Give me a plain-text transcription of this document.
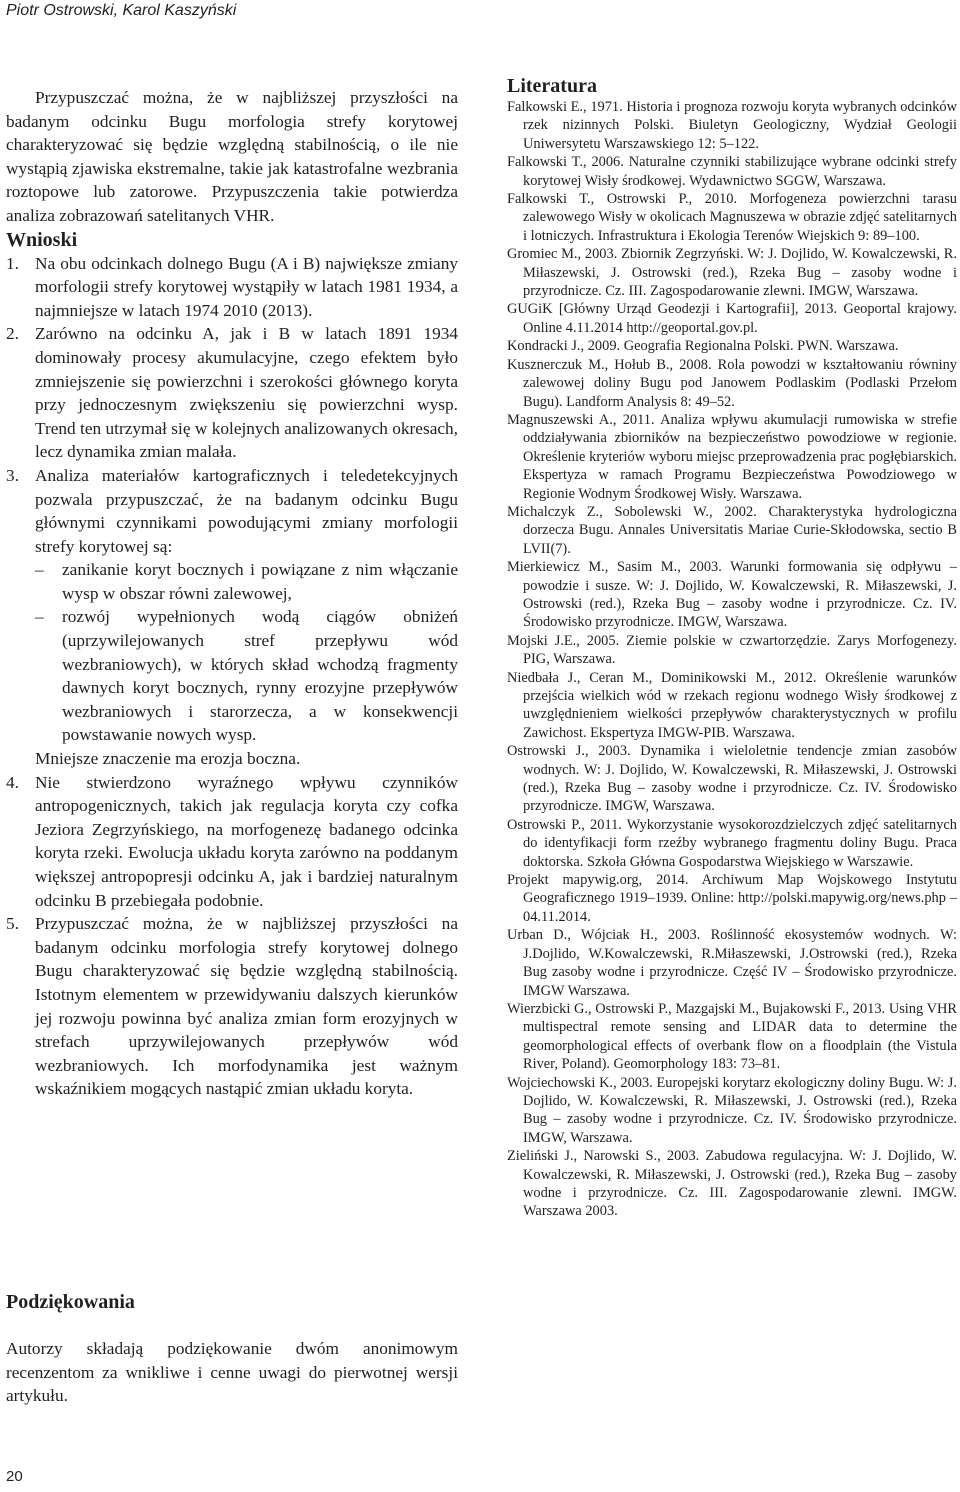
Piotr Ostrowski, Karol Kaszyński

Przypuszczać można, że w najbliższej przyszłości na badanym odcinku Bugu morfologia strefy korytowej charakteryzować się będzie względną stabilnością, o ile nie wystąpią zjawiska ekstremalne, takie jak katastrofalne wezbrania roztopowe lub zatorowe. Przypuszczenia takie potwierdza analiza zobrazowań satelitanych VHR.

Wnioski
1. Na obu odcinkach dolnego Bugu (A i B) największe zmiany morfologii strefy korytowej wystąpiły w latach 1981 1934, a najmniejsze w latach 1974 2010 (2013).
2. Zarówno na odcinku A, jak i B w latach 1891 1934 dominowały procesy akumulacyjne, czego efektem było zmniejszenie się powierzchni i szerokości głównego koryta przy jednoczesnym zwiększeniu się powierzchni wysp. Trend ten utrzymał się w kolejnych analizowanych okresach, lecz dynamika zmian malała.
3. Analiza materiałów kartograficznych i teledetekcyjnych pozwala przypuszczać, że na badanym odcinku Bugu głównymi czynnikami powodującymi zmiany morfologii strefy korytowej są:
–	zanikanie koryt bocznych i powiązane z nim włączanie wysp w obszar równi zalewowej,
–	rozwój wypełnionych wodą ciągów obniżeń (uprzywilejowanych stref przepływu wód wezbraniowych), w których skład wchodzą fragmenty dawnych koryt bocznych, rynny erozyjne przepływów wezbraniowych i starorzecza, a w konsekwencji powstawanie nowych wysp.

Mniejsze znaczenie ma erozja boczna.

4. Nie stwierdzono wyraźnego wpływu czynników antropogenicznych, takich jak regulacja koryta czy cofka Jeziora Zegrzyńskiego, na morfogenezę badanego odcinka koryta rzeki. Ewolucja układu koryta zarówno na poddanym większej antropopresji odcinku A, jak i bardziej naturalnym odcinku B przebiegała podobnie.
5. Przypuszczać można, że w najbliższej przyszłości na badanym odcinku morfologia strefy korytowej dolnego Bugu charakteryzować się będzie względną stabilnością. Istotnym elementem w przewidywaniu dalszych kierunków jej rozwoju powinna być analiza zmian form erozyjnych w strefach uprzywilejowanych przepływów wód wezbraniowych. Ich morfodynamika jest ważnym wskaźnikiem mogących nastąpić zmian układu koryta.
Podziękowania

Autorzy składają podziękowanie dwóm anonimowym recenzentom za wnikliwe i cenne uwagi do pierwotnej wersji artykułu.

Literatura

Falkowski E., 1971. Historia i prognoza rozwoju koryta wybranych odcinków rzek nizinnych Polski. Biuletyn Geologiczny, Wydział Geologii Uniwersytetu Warszawskiego 12: 5–122.

Falkowski T., 2006. Naturalne czynniki stabilizujące wybrane odcinki strefy korytowej Wisły środkowej. Wydawnictwo SGGW, Warszawa.

Falkowski T., Ostrowski P., 2010. Morfogeneza powierzchni tarasu zalewowego Wisły w okolicach Magnuszewa w obrazie zdjęć satelitarnych i lotniczych. Infrastruktura i Ekologia Terenów Wiejskich 9: 89–100.

Gromiec M., 2003. Zbiornik Zegrzyński. W: J. Dojlido, W. Kowalczewski, R. Miłaszewski, J. Ostrowski (red.), Rzeka Bug – zasoby wodne i przyrodnicze. Cz. III. Zagospodarowanie zlewni. IMGW, Warszawa.

GUGiK [Główny Urząd Geodezji i Kartografii], 2013. Geoportal krajowy. Online 4.11.2014 http://geoportal.gov.pl.

Kondracki J., 2009. Geografia Regionalna Polski. PWN. Warszawa.

Kusznerczuk M., Hołub B., 2008. Rola powodzi w kształtowaniu równiny zalewowej doliny Bugu pod Janowem Podlaskim (Podlaski Przełom Bugu). Landform Analysis 8: 49–52.

Magnuszewski A., 2011. Analiza wpływu akumulacji rumowiska w strefie oddziaływania zbiorników na bezpieczeństwo powodziowe w regionie. Określenie kryteriów wyboru miejsc przeprowadzenia prac pogłębiarskich. Ekspertyza w ramach Programu Bezpieczeństwa Powodziowego w Regionie Wodnym Środkowej Wisły. Warszawa.

Michalczyk Z., Sobolewski W., 2002. Charakterystyka hydrologiczna dorzecza Bugu. Annales Universitatis Mariae Curie-Skłodowska, sectio B LVII(7).

Mierkiewicz M., Sasim M., 2003. Warunki formowania się odpływu – powodzie i susze. W: J. Dojlido, W. Kowalczewski, R. Miłaszewski, J. Ostrowski (red.), Rzeka Bug – zasoby wodne i przyrodnicze. Cz. IV. Środowisko przyrodnicze. IMGW, Warszawa.

Mojski J.E., 2005. Ziemie polskie w czwartorzędzie. Zarys Morfogenezy. PIG, Warszawa.

Niedbała J., Ceran M., Dominikowski M., 2012. Określenie warunków przejścia wielkich wód w rzekach regionu wodnego Wisły środkowej z uwzględnieniem wielkości przepływów charakterystycznych w profilu Zawichost. Ekspertyza IMGW-PIB. Warszawa.

Ostrowski J., 2003. Dynamika i wieloletnie tendencje zmian zasobów wodnych. W: J. Dojlido, W. Kowalczewski, R. Miłaszewski, J. Ostrowski (red.), Rzeka Bug – zasoby wodne i przyrodnicze. Cz. IV. Środowisko przyrodnicze. IMGW, Warszawa.

Ostrowski P., 2011. Wykorzystanie wysokorozdzielczych zdjęć satelitarnych do identyfikacji form rzeźby wybranego fragmentu doliny Bugu. Praca doktorska. Szkoła Główna Gospodarstwa Wiejskiego w Warszawie.

Projekt mapywig.org, 2014. Archiwum Map Wojskowego Instytutu Geograficznego 1919–1939. Online: http://polski.mapywig.org/news.php – 04.11.2014.

Urban D., Wójciak H., 2003. Roślinność ekosystemów wodnych. W: J.Dojlido, W.Kowalczewski, R.Miłaszewski, J.Ostrowski (red.), Rzeka Bug zasoby wodne i przyrodnicze. Część IV – Środowisko przyrodnicze. IMGW Warszawa.

Wierzbicki G., Ostrowski P., Mazgajski M., Bujakowski F., 2013. Using VHR multispectral remote sensing and LIDAR data to determine the geomorphological effects of overbank flow on a floodplain (the Vistula River, Poland). Geomorphology 183: 73–81.

Wojciechowski K., 2003. Europejski korytarz ekologiczny doliny Bugu. W: J. Dojlido, W. Kowalczewski, R. Miłaszewski, J. Ostrowski (red.), Rzeka Bug – zasoby wodne i przyrodnicze. Cz. IV. Środowisko przyrodnicze. IMGW, Warszawa.

Zieliński J., Narowski S., 2003. Zabudowa regulacyjna. W: J. Dojlido, W. Kowalczewski, R. Miłaszewski, J. Ostrowski (red.), Rzeka Bug – zasoby wodne i przyrodnicze. Cz. III. Zagospodarowanie zlewni. IMGW. Warszawa 2003.

20
